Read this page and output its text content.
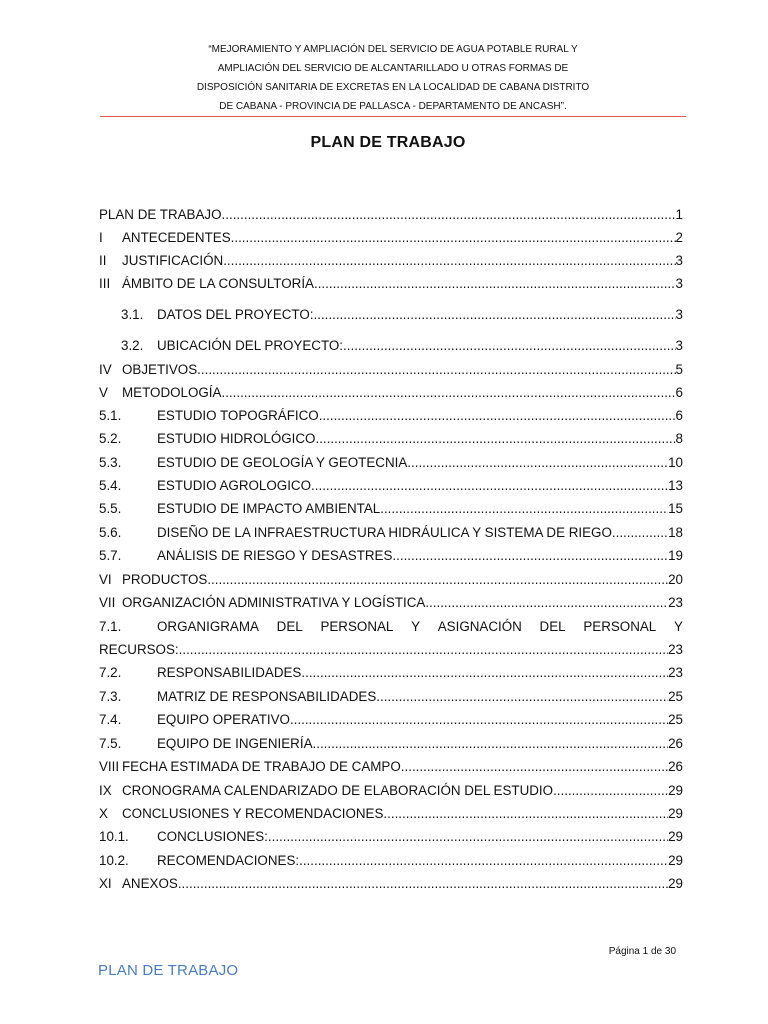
“MEJORAMIENTO Y AMPLIACIÓN DEL SERVICIO DE AGUA POTABLE RURAL Y
AMPLIACIÓN DEL SERVICIO DE ALCANTARILLADO U OTRAS FORMAS DE
DISPOSICIÓN SANITARIA DE EXCRETAS EN LA LOCALIDAD DE CABANA DISTRITO
DE CABANA - PROVINCIA DE PALLASCA - DEPARTAMENTO DE ANCASH”.
PLAN DE TRABAJO
PLAN DE TRABAJO .....	1
I	ANTECEDENTES .....	2
II	JUSTIFICACIÓN .....	3
III ÁMBITO DE LA CONSULTORÍA .....	3
3.1.	DATOS DEL PROYECTO: .....	3
3.2.	UBICACIÓN DEL PROYECTO: .....	3
IV OBJETIVOS .....	5
V	METODOLOGÍA .....	6
5.1.	ESTUDIO TOPOGRÁFICO .....	6
5.2.	ESTUDIO HIDROLÓGICO .....	8
5.3.	ESTUDIO DE GEOLOGÍA Y GEOTECNIA .....	10
5.4.	ESTUDIO AGROLOGICO .....	13
5.5.	ESTUDIO DE IMPACTO AMBIENTAL .....	15
5.6.	DISEÑO DE LA INFRAESTRUCTURA HIDRÁULICA Y SISTEMA DE RIEGO .....	18
5.7.	ANÁLISIS DE RIESGO Y DESASTRES .....	19
VI PRODUCTOS .....	20
VII ORGANIZACIÓN ADMINISTRATIVA Y LOGÍSTICA .....	23
7.1.	ORGANIGRAMA DEL PERSONAL Y ASIGNACIÓN DEL PERSONAL Y
RECURSOS: .....	23
7.2.	RESPONSABILIDADES .....	23
7.3.	MATRIZ DE RESPONSABILIDADES .....	25
7.4.	EQUIPO OPERATIVO .....	25
7.5.	EQUIPO DE INGENIERÍA .....	26
VIII FECHA ESTIMADA DE TRABAJO DE CAMPO .....	26
IX CRONOGRAMA CALENDARIZADO DE ELABORACIÓN DEL ESTUDIO .....	29
X	CONCLUSIONES Y RECOMENDACIONES .....	29
10.1.	CONCLUSIONES: .....	29
10.2.	RECOMENDACIONES: .....	29
XI ANEXOS .....	29
Página 1 de 30
PLAN DE TRABAJO
